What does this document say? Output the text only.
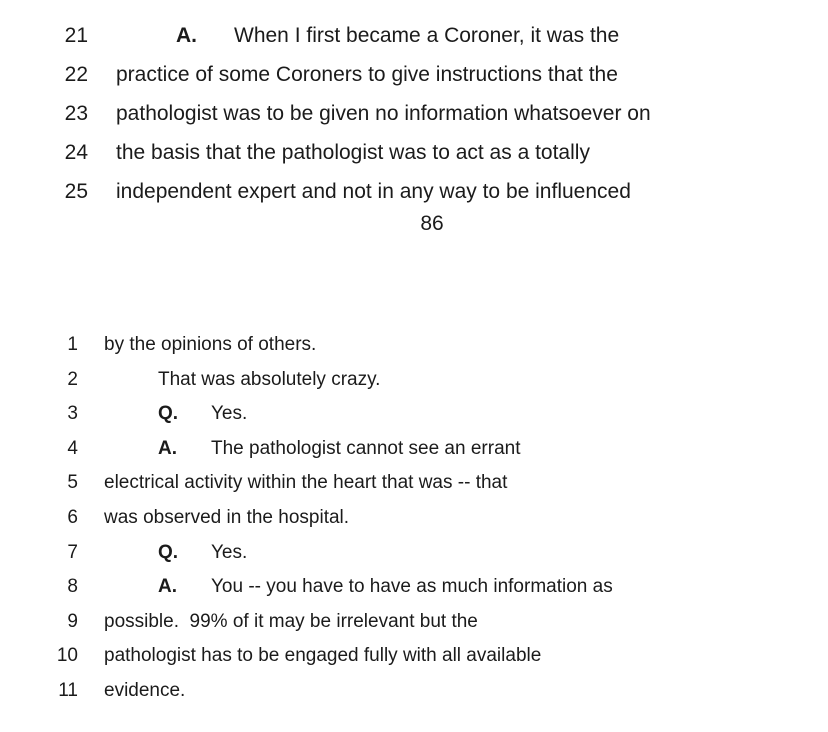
21	A. When I first became a Coroner, it was the
22 practice of some Coroners to give instructions that the
23 pathologist was to be given no information whatsoever on
24 the basis that the pathologist was to act as a totally
25 independent expert and not in any way to be influenced
86
1 by the opinions of others.
2	That was absolutely crazy.
3	Q. Yes.
4	A. The pathologist cannot see an errant
5 electrical activity within the heart that was -- that
6 was observed in the hospital.
7	Q. Yes.
8	A. You -- you have to have as much information as
9 possible.  99% of it may be irrelevant but the
10 pathologist has to be engaged fully with all available
11 evidence.
